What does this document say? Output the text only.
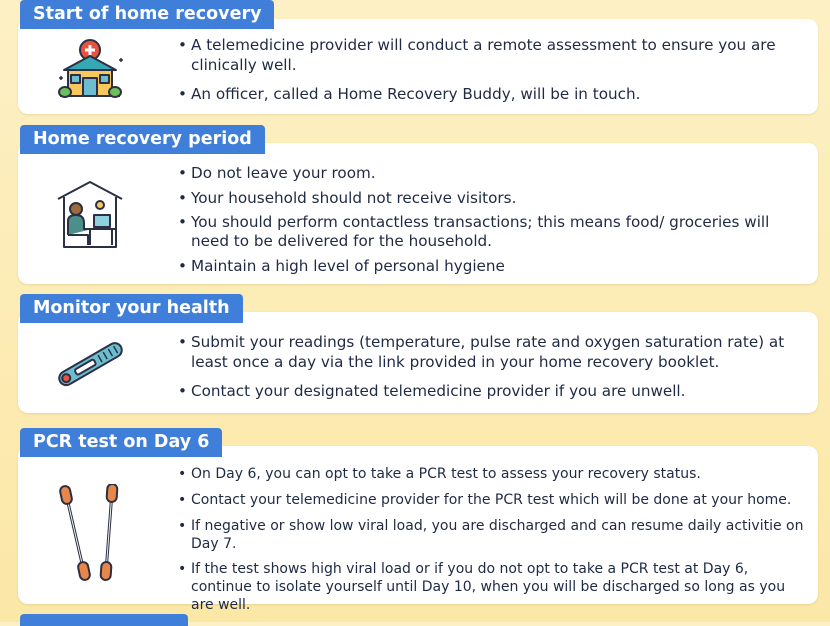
Start of home recovery
• A telemedicine provider will conduct a remote assessment to ensure you are clinically well.
• An officer, called a Home Recovery Buddy, will be in touch.
Home recovery period
• Do not leave your room.
• Your household should not receive visitors.
• You should perform contactless transactions; this means food/ groceries will need to be delivered for the household.
• Maintain a high level of personal hygiene
Monitor your health
• Submit your readings (temperature, pulse rate and oxygen saturation rate) at least once a day via the link provided in your home recovery booklet.
• Contact your designated telemedicine provider if you are unwell.
PCR test on Day 6
• On Day 6, you can opt to take a PCR test to assess your recovery status.
• Contact your telemedicine provider for the PCR test which will be done at your home.
• If negative or show low viral load, you are discharged and can resume daily activitie on Day 7.
• If the test shows high viral load or if you do not opt to take a PCR test at Day 6, continue to isolate yourself until Day 10, when you will be discharged so long as you are well.
